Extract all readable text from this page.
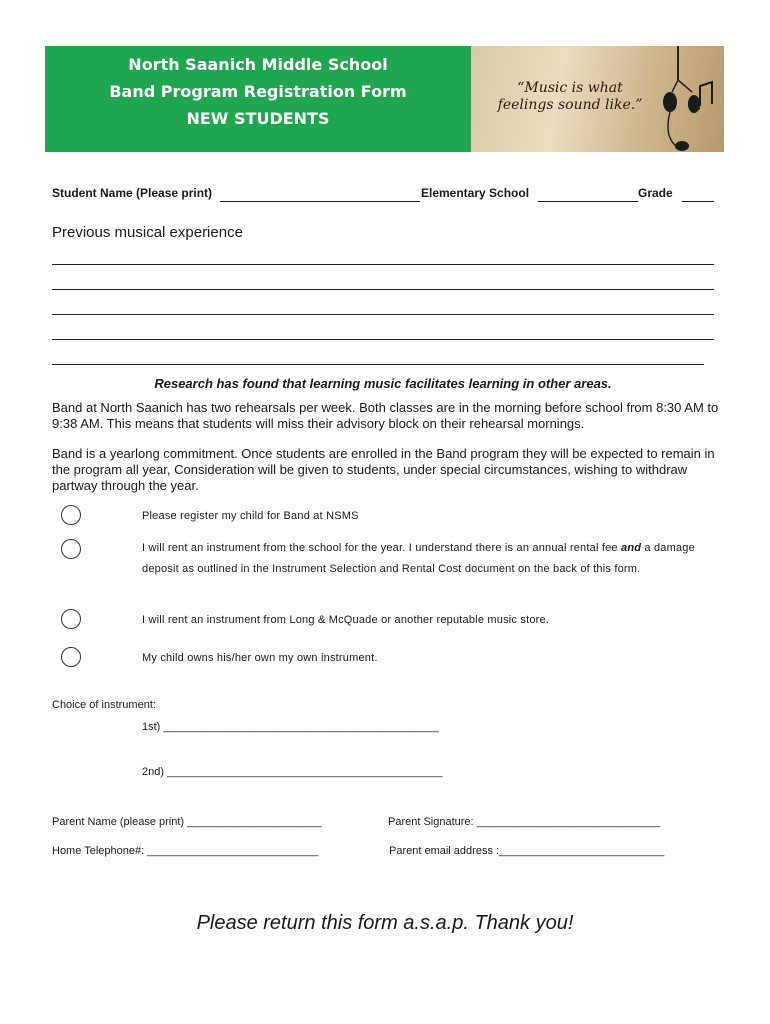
North Saanich Middle School
Band Program Registration Form
NEW STUDENTS
“Music is what
feelings sound like.”
Student Name (Please print)	Elementary School	Grade
Previous musical experience
Research has found that learning music facilitates learning in other areas.
Band at North Saanich has two rehearsals per week. Both classes are in the morning before school from 8:30 AM to 9:38 AM. This means that students will miss their advisory block on their rehearsal mornings.
Band is a yearlong commitment. Once students are enrolled in the Band program they will be expected to remain in the program all year, Consideration will be given to students, under special circumstances, wishing to withdraw partway through the year.
Please register my child for Band at NSMS
I will rent an instrument from the school for the year. I understand there is an annual rental fee and a damage deposit as outlined in the Instrument Selection and Rental Cost document on the back of this form.
I will rent an instrument from Long & McQuade or another reputable music store.
My child owns his/her own my own instrument.
Choice of instrument:
1st) _____________________________________________
2nd) _____________________________________________
Parent Name (please print) ______________________	Parent Signature: ______________________________
Home Telephone#: ____________________________	Parent email address :___________________________
Please return this form a.s.a.p. Thank you!
